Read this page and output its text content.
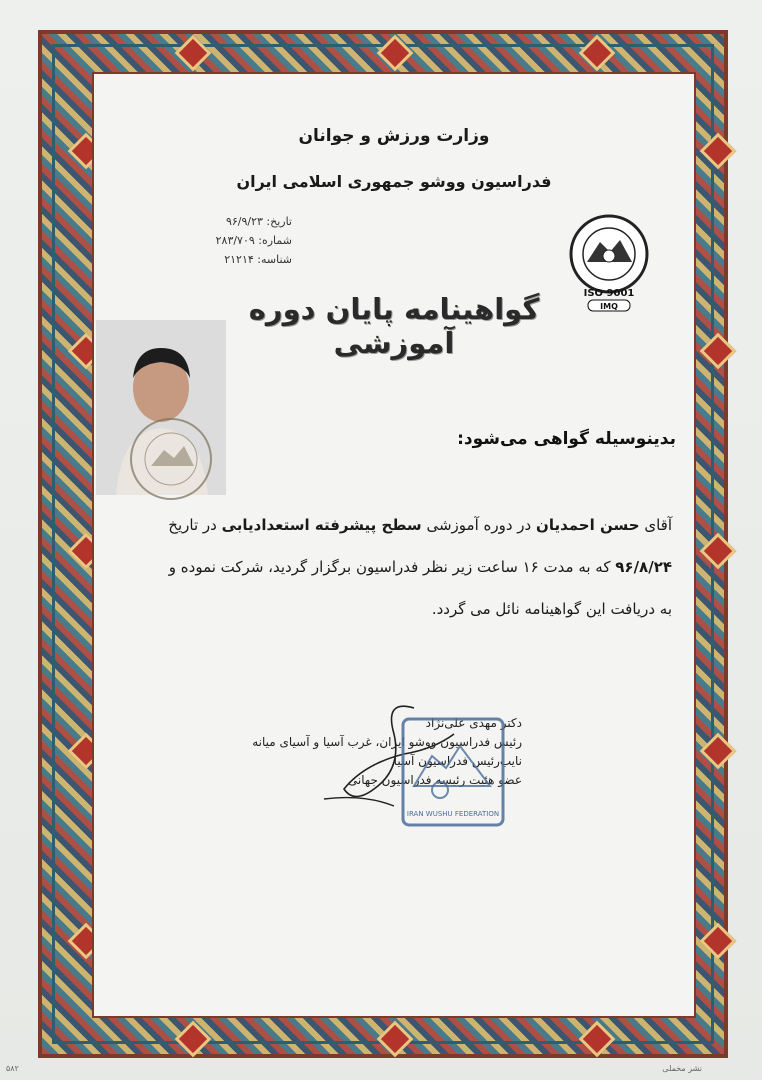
وزارت ورزش و جوانان
فدراسیون ووشو جمهوری اسلامی ایران
تاریخ: ۹۶/۹/۲۳
شماره: ۲۸۳/۷۰۹
شناسه: ۲۱۲۱۴
ISO 9001
IMQ
گواهینامه پایان دوره آموزشی
بدینوسیله گواهی می‌شود:
آقای حسن احمدیان در دوره آموزشی سطح پیشرفته استعدادیابی در تاریخ
۹۶/۸/۲۴ که به مدت ۱۶ ساعت زیر نظر فدراسیون برگزار گردید، شرکت نموده و
به دریافت این گواهینامه نائل می گردد.
دکتر مهدی علی‌نژاد
رئیس فدراسیون ووشو ایران، غرب آسیا و آسیای میانه
نایب‌رئیس فدراسیون آسیا
عضو هئیت رئیسه فدراسیون جهانی
IRAN WUSHU FEDERATION
۵۸۲	نشر مخملی
